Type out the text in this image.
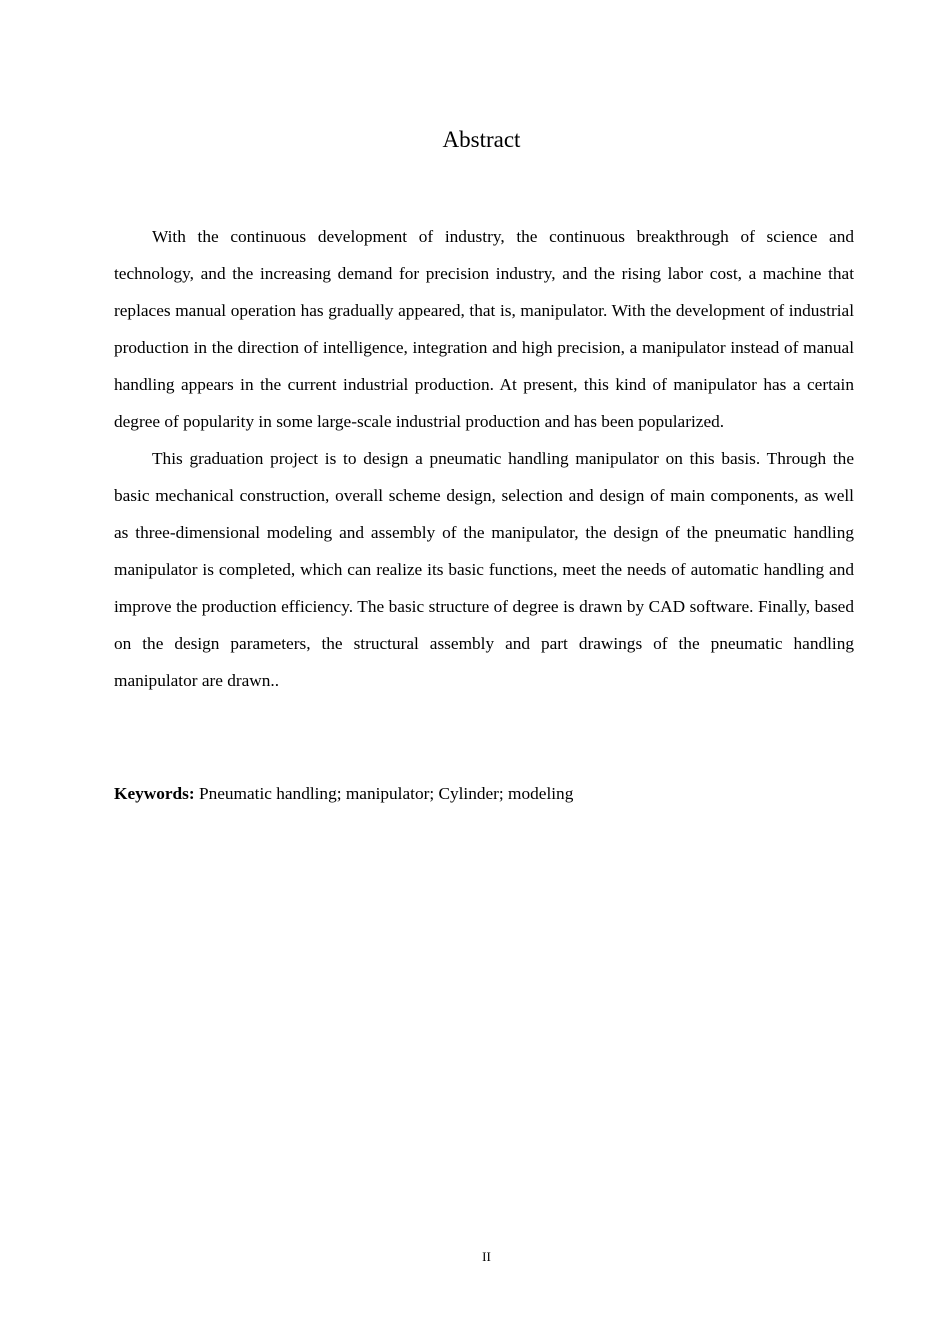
Abstract

With the continuous development of industry, the continuous breakthrough of science and technology, and the increasing demand for precision industry, and the rising labor cost, a machine that replaces manual operation has gradually appeared, that is, manipulator. With the development of industrial production in the direction of intelligence, integration and high precision, a manipulator instead of manual handling appears in the current industrial production. At present, this kind of manipulator has a certain degree of popularity in some large-scale industrial production and has been popularized.

This graduation project is to design a pneumatic handling manipulator on this basis. Through the basic mechanical construction, overall scheme design, selection and design of main components, as well as three-dimensional modeling and assembly of the manipulator, the design of the pneumatic handling manipulator is completed, which can realize its basic functions, meet the needs of automatic handling and improve the production efficiency. The basic structure of degree is drawn by CAD software. Finally, based on the design parameters, the structural assembly and part drawings of the pneumatic handling manipulator are drawn..

Keywords: Pneumatic handling; manipulator; Cylinder; modeling

II
